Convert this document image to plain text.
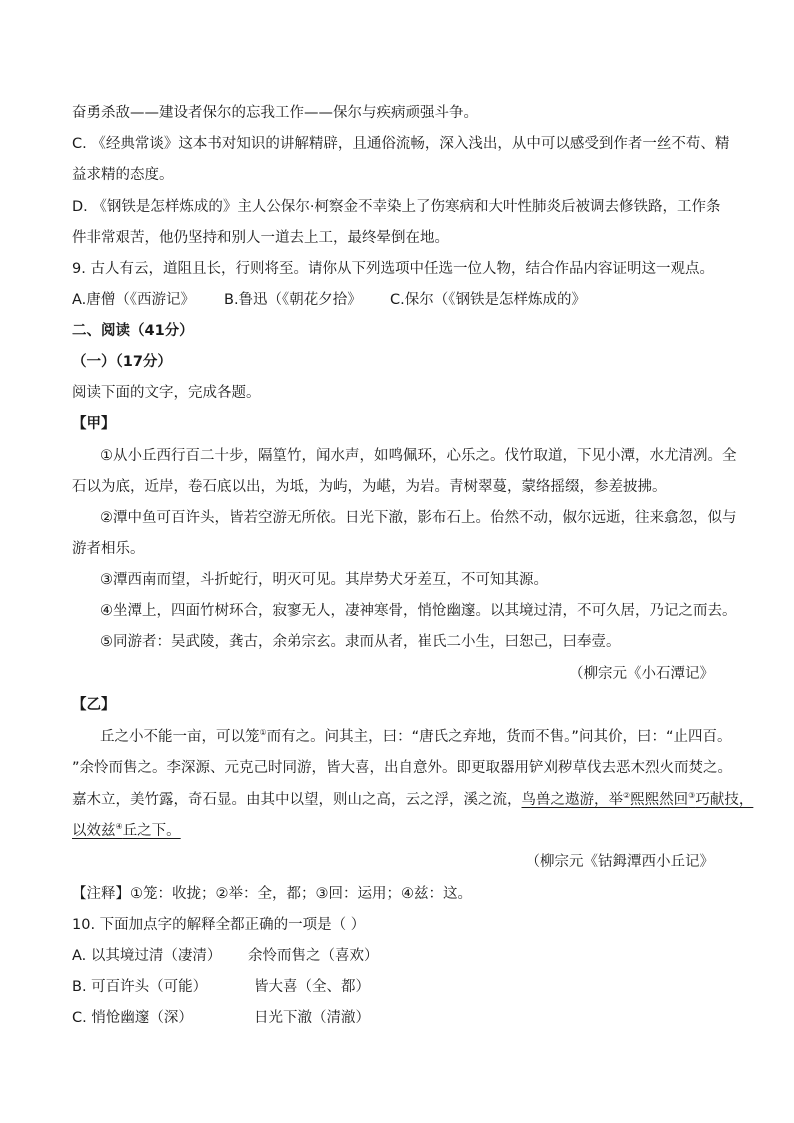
奋勇杀敌——建设者保尔的忘我工作——保尔与疾病顽强斗争。
C. 《经典常谈》这本书对知识的讲解精辟，且通俗流畅，深入浅出，从中可以感受到作者一丝不苟、精
益求精的态度。
D. 《钢铁是怎样炼成的》主人公保尔·柯察金不幸染上了伤寒病和大叶性肺炎后被调去修铁路，工作条
件非常艰苦，他仍坚持和别人一道去上工，最终晕倒在地。
9. 古人有云，道阻且长，行则将至。请你从下列选项中任选一位人物，结合作品内容证明这一观点。
A.唐僧（《西游记》 B.鲁迅（《朝花夕拾》 C.保尔（《钢铁是怎样炼成的》
二、阅读（41分）
（一）（17分）
阅读下面的文字，完成各题。
【甲】
①从小丘西行百二十步，隔篁竹，闻水声，如鸣佩环，心乐之。伐竹取道，下见小潭，水尤清冽。全
石以为底，近岸，卷石底以出，为坻，为屿，为嵁，为岩。青树翠蔓，蒙络摇缀，参差披拂。
②潭中鱼可百许头，皆若空游无所依。日光下澈，影布石上。佁然不动，俶尔远逝，往来翕忽，似与
游者相乐。
③潭西南而望，斗折蛇行，明灭可见。其岸势犬牙差互，不可知其源。
④坐潭上，四面竹树环合，寂寥无人，凄神寒骨，悄怆幽邃。以其境过清，不可久居，乃记之而去。
⑤同游者：吴武陵，龚古，余弟宗玄。隶而从者，崔氏二小生，曰恕己，曰奉壹。
（柳宗元《小石潭记》
【乙】
丘之小不能一亩，可以笼①而有之。问其主，曰：“唐氏之弃地，货而不售。”问其价，曰：“止四百。
”余怜而售之。李深源、元克己时同游，皆大喜，出自意外。即更取器用铲刈秽草伐去恶木烈火而焚之。
嘉木立，美竹露，奇石显。由其中以望，则山之高，云之浮，溪之流，鸟兽之遨游，举②熙熙然回③巧献技，
以效兹④丘之下。
（柳宗元《钴鉧潭西小丘记》
【注释】①笼：收拢；②举：全，都；③回：运用；④兹：这。
10. 下面加点字的解释全都正确的一项是（ ）
A. 以其境过清（凄清） 余怜而售之（喜欢）
B. 可百许头（可能）	皆大喜（全、都）
C. 悄怆幽邃（深）	日光下澈（清澈）
